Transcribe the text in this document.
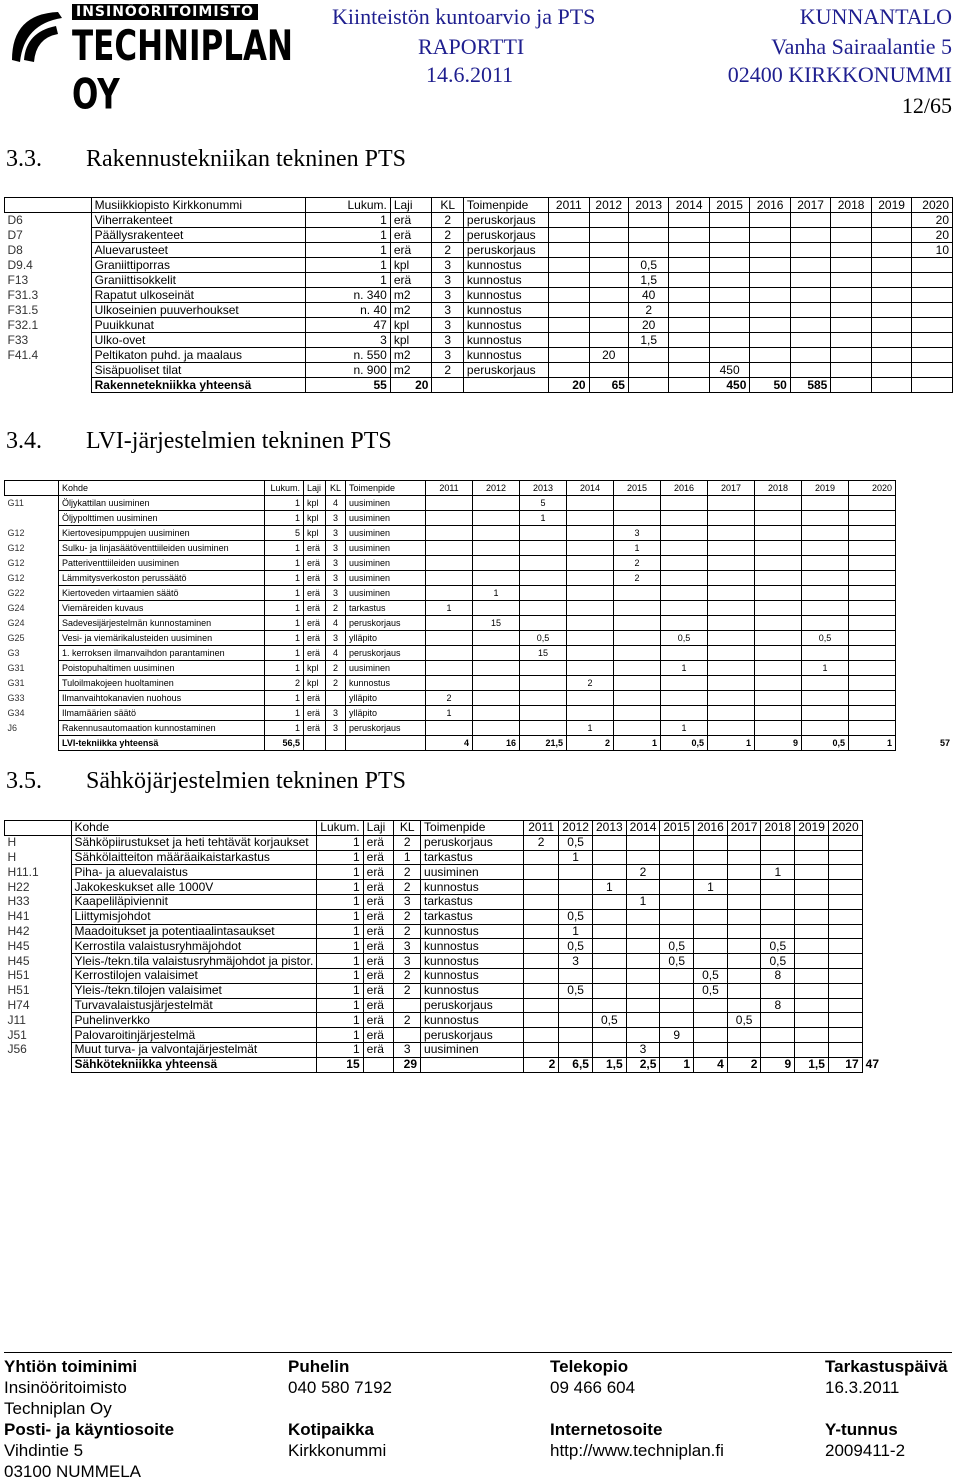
INSINÖÖRITOIMISTO
TECHNIPLAN OY
Kiinteistön kuntoarvio ja PTS
RAPORTTI
14.6.2011
KUNNANTALO
Vanha Sairaalantie 5
02400 KIRKKONUMMI
12/65
3.3. Rakennustekniikan tekninen PTS
	Musiikkiopisto Kirkkonummi	Lukum.	Laji	KL	Toimenpide	2011	2012	2013	2014	2015	2016	2017	2018	2019	2020
D6	Viherrakenteet	1	erä	2	peruskorjaus										20
D7	Päällysrakenteet	1	erä	2	peruskorjaus										20
D8	Aluevarusteet	1	erä	2	peruskorjaus										10
D9.4	Graniittiporras	1	kpl	3	kunnostus			0,5							
F13	Graniittisokkelit	1	erä	3	kunnostus			1,5							
F31.3	Rapatut ulkoseinät	n. 340	m2	3	kunnostus			40							
F31.5	Ulkoseinien puuverhoukset	n. 40	m2	3	kunnostus			2							
F32.1	Puuikkunat	47	kpl	3	kunnostus			20							
F33	Ulko-ovet	3	kpl	3	kunnostus			1,5							
F41.4	Peltikaton puhd. ja maalaus	n. 550	m2	3	kunnostus		20								
	Sisäpuoliset tilat	n. 900	m2	2	peruskorjaus					450					
	Rakennetekniikka yhteensä	55	20			20	65			450	50	585			
3.4. LVI-järjestelmien tekninen PTS
	Kohde	Lukum.	Laji	KL	Toimenpide	2011	2012	2013	2014	2015	2016	2017	2018	2019	2020	
G11	Öljykattilan uusiminen	1	kpl	4	uusiminen			5								
	Öljypolttimen uusiminen	1	kpl	3	uusiminen			1								
G12	Kiertovesipumppujen uusiminen	5	kpl	3	uusiminen					3						
G12	Sulku- ja linjasäätöventtiileiden uusiminen	1	erä	3	uusiminen					1						
G12	Patteriventtiileiden uusiminen	1	erä	3	uusiminen					2						
G12	Lämmitysverkoston perussäätö	1	erä	3	uusiminen					2						
G22	Kiertoveden virtaamien säätö	1	erä	3	uusiminen		1									
G24	Viemäreiden kuvaus	1	erä	2	tarkastus	1										
G24	Sadevesijärjestelmän kunnostaminen	1	erä	4	peruskorjaus		15									
G25	Vesi- ja viemärikalusteiden uusiminen	1	erä	3	ylläpito			0,5			0,5			0,5		
G3	1. kerroksen ilmanvaihdon parantaminen	1	erä	4	peruskorjaus			15								
G31	Poistopuhaltimen uusiminen	1	kpl	2	uusiminen						1			1		
G31	Tuloilmakojeen huoltaminen	2	kpl	2	kunnostus				2							
G33	Ilmanvaihtokanavien nuohous	1	erä		ylläpito	2										
G34	Ilmamäärien säätö	1	erä	3	ylläpito	1										
J6	Rakennusautomaation kunnostaminen	1	erä	3	peruskorjaus				1		1					
	LVI-tekniikka yhteensä	56,5				4	16	21,5	2	1	0,5	1	9	0,5	1	57
3.5. Sähköjärjestelmien tekninen PTS
	Kohde	Lukum.	Laji	KL	Toimenpide	2011	2012	2013	2014	2015	2016	2017	2018	2019	2020	
H	Sähköpiirustukset ja heti tehtävät korjaukset	1	erä	2	peruskorjaus	2	0,5									
H	Sähkölaitteiton määräaikaistarkastus	1	erä	1	tarkastus		1									
H11.1	Piha- ja aluevalaistus	1	erä	2	uusiminen				2				1			
H22	Jakokeskukset alle 1000V	1	erä	2	kunnostus			1			1					
H33	Kaapeliläpiviennit	1	erä	3	tarkastus				1							
H41	Liittymisjohdot	1	erä	2	tarkastus		0,5									
H42	Maadoitukset ja potentiaalintasaukset	1	erä	2	kunnostus		1									
H45	Kerrostila valaistusryhmäjohdot	1	erä	3	kunnostus		0,5			0,5			0,5			
H45	Yleis-/tekn.tila valaistusryhmäjohdot ja pistor.	1	erä	3	kunnostus		3			0,5			0,5			
H51	Kerrostilojen valaisimet	1	erä	2	kunnostus						0,5		8			
H51	Yleis-/tekn.tilojen valaisimet	1	erä	2	kunnostus		0,5				0,5					
H74	Turvavalaistusjärjestelmät	1	erä		peruskorjaus								8			
J11	Puhelinverkko	1	erä	2	kunnostus			0,5				0,5				
J51	Palovaroitinjärjestelmä	1	erä		peruskorjaus					9						
J56	Muut turva- ja valvontajärjestelmät	1	erä	3	uusiminen				3							
	Sähkötekniikka yhteensä	15		29		2	6,5	1,5	2,5	1	4	2	9	1,5	17	47
Yhtiön toiminimi
Insinööritoimisto
Techniplan Oy
Posti- ja käyntiosoite
Vihdintie 5
03100 NUMMELA
Puhelin
040 580 7192

Kotipaikka
Kirkkonummi
Telekopio
09 466 604

Internetosoite
http://www.techniplan.fi
Tarkastuspäivä
16.3.2011

Y-tunnus
2009411-2
